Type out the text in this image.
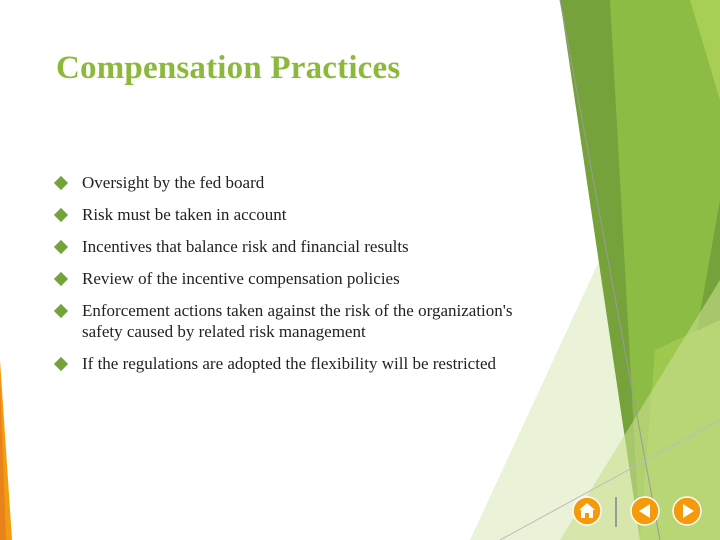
Compensation Practices
Oversight by the fed board
Risk must be taken in account
Incentives that balance risk and financial results
Review of the incentive compensation policies
Enforcement actions taken against the risk of the organization's safety caused by related risk management
If the regulations are adopted the flexibility will be restricted
